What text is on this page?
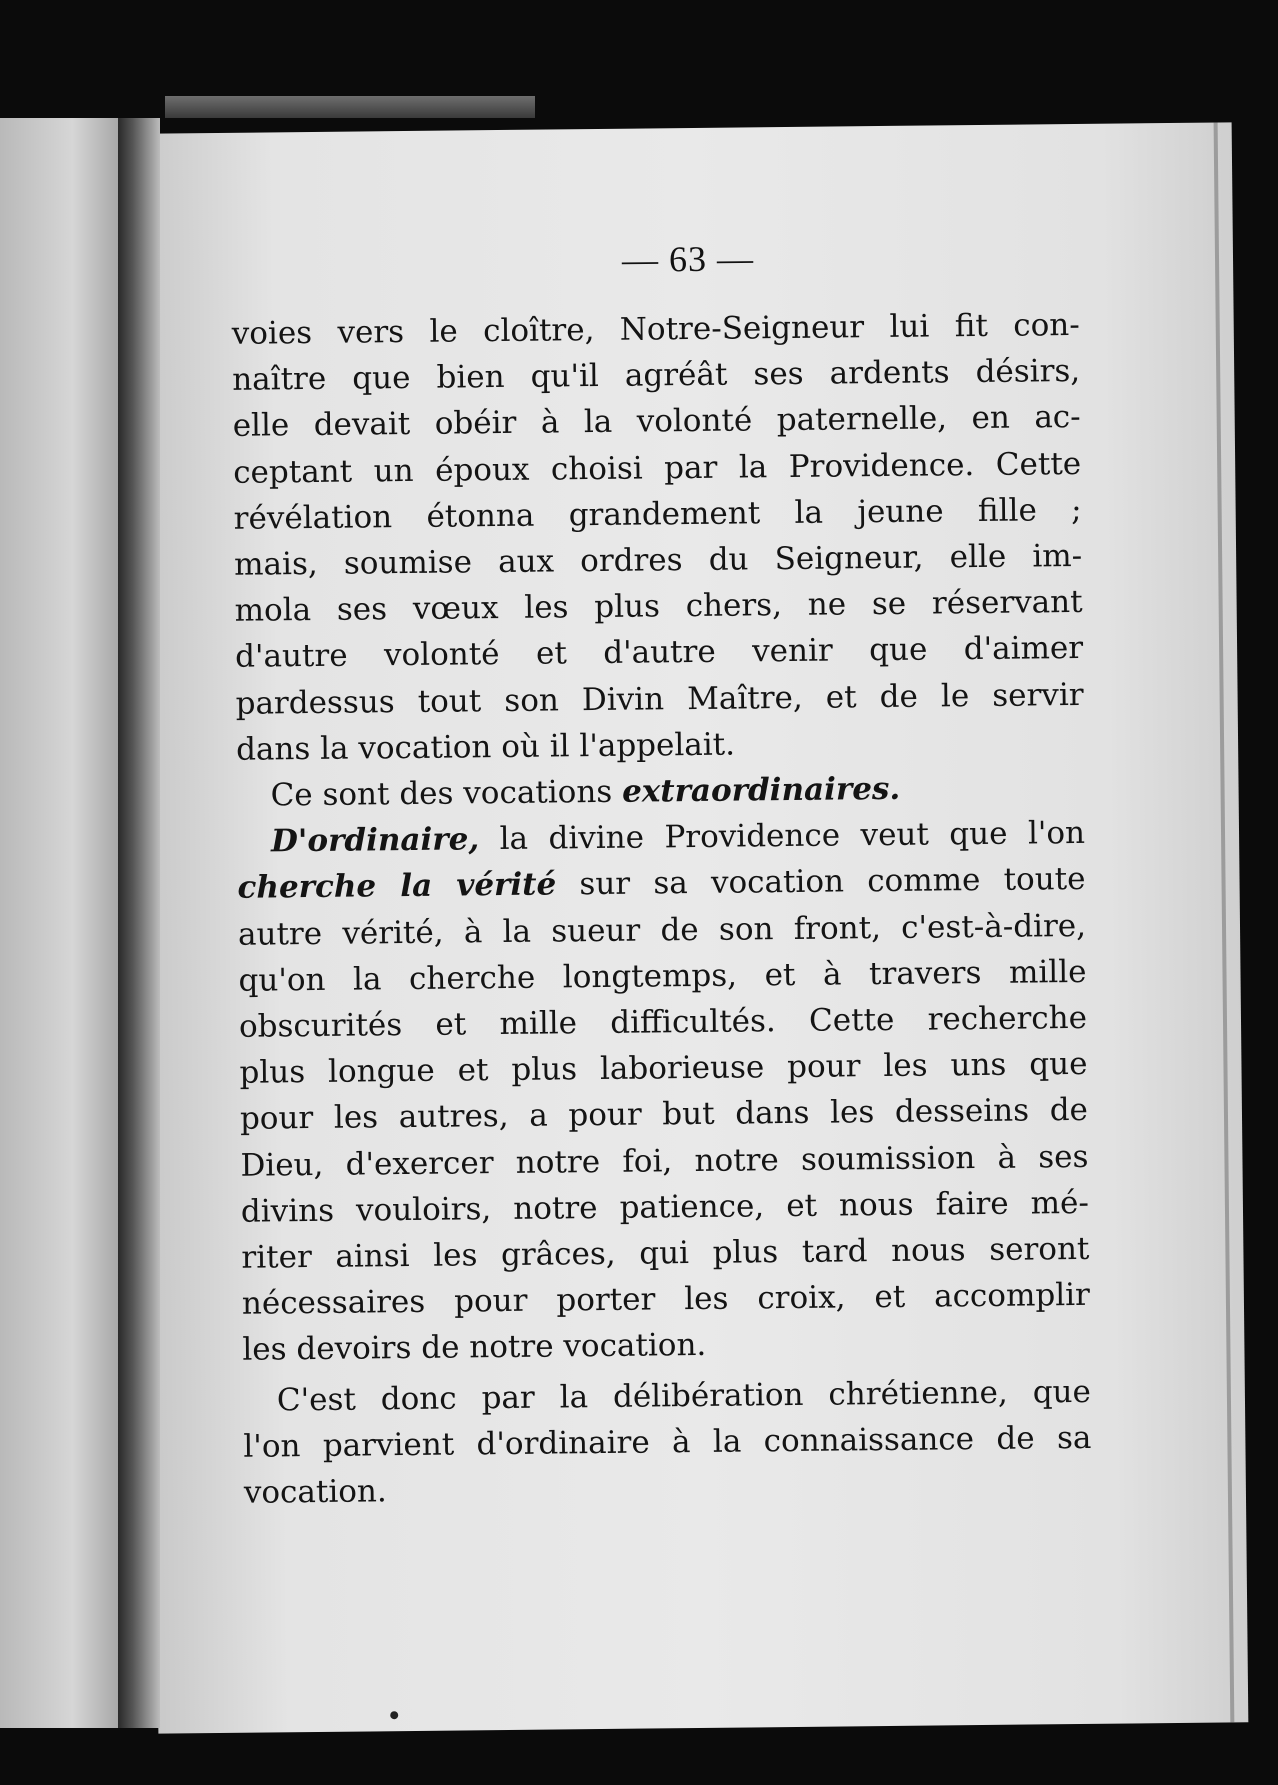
— 63 —
voies vers le cloître, Notre-Seigneur lui fit con-
naître que bien qu'il agréât ses ardents désirs,
elle devait obéir à la volonté paternelle, en ac-
ceptant un époux choisi par la Providence. Cette
révélation étonna grandement la jeune fille ;
mais, soumise aux ordres du Seigneur, elle im-
mola ses vœux les plus chers, ne se réservant
d'autre volonté et d'autre venir que d'aimer
pardessus tout son Divin Maître, et de le servir
dans la vocation où il l'appelait.
Ce sont des vocations extraordinaires.
D'ordinaire, la divine Providence veut que l'on
cherche la vérité sur sa vocation comme toute
autre vérité, à la sueur de son front, c'est-à-dire,
qu'on la cherche longtemps, et à travers mille
obscurités et mille difficultés. Cette recherche
plus longue et plus laborieuse pour les uns que
pour les autres, a pour but dans les desseins de
Dieu, d'exercer notre foi, notre soumission à ses
divins vouloirs, notre patience, et nous faire mé-
riter ainsi les grâces, qui plus tard nous seront
nécessaires pour porter les croix, et accomplir
les devoirs de notre vocation.
C'est donc par la délibération chrétienne, que
l'on parvient d'ordinaire à la connaissance de sa
vocation.
